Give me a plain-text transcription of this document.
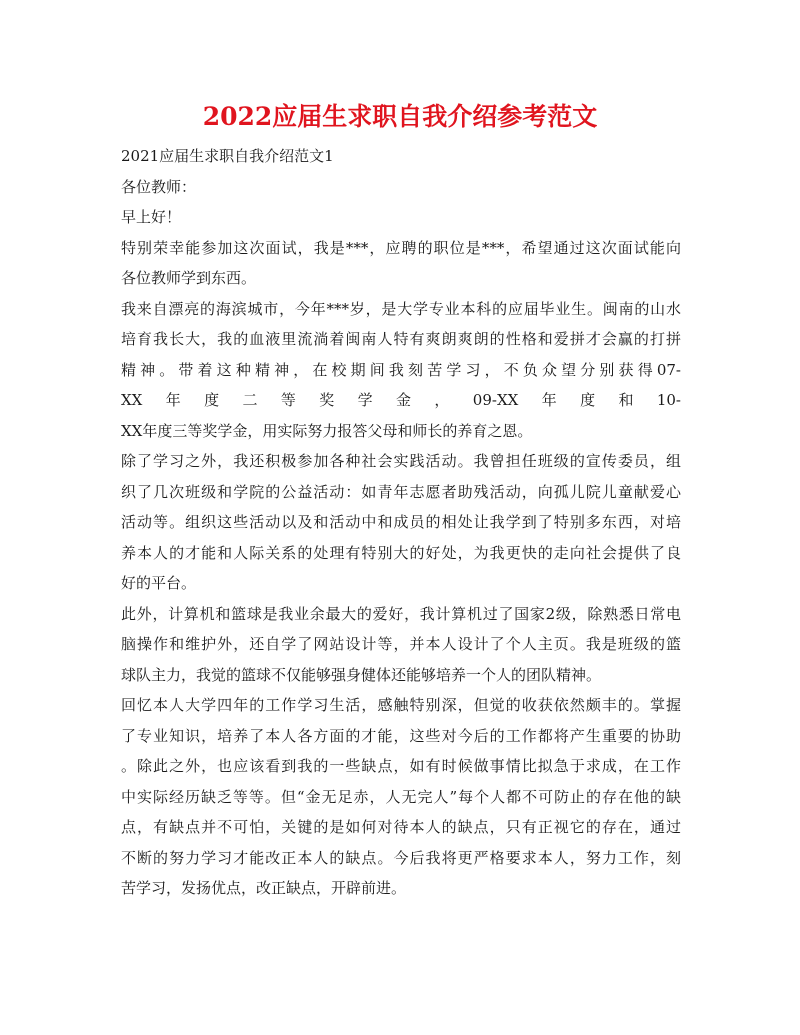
2022应届生求职自我介绍参考范文

2021应届生求职自我介绍范文1

各位教师：

早上好！

特别荣幸能参加这次面试，我是***，应聘的职位是***，希望通过这次面试能向
各位教师学到东西。

我来自漂亮的海滨城市，今年***岁，是大学专业本科的应届毕业生。闽南的山水
培育我长大，我的血液里流淌着闽南人特有爽朗爽朗的性格和爱拼才会赢的打拼
精神。带着这种精神，在校期间我刻苦学习，不负众望分别获得07-
XX年度二等奖学金，09-XX年度和10-
XX年度三等奖学金，用实际努力报答父母和师长的养育之恩。

除了学习之外，我还积极参加各种社会实践活动。我曾担任班级的宣传委员，组
织了几次班级和学院的公益活动：如青年志愿者助残活动，向孤儿院儿童献爱心
活动等。组织这些活动以及和活动中和成员的相处让我学到了特别多东西，对培
养本人的才能和人际关系的处理有特别大的好处，为我更快的走向社会提供了良
好的平台。

此外，计算机和篮球是我业余最大的爱好，我计算机过了国家2级，除熟悉日常电
脑操作和维护外，还自学了网站设计等，并本人设计了个人主页。我是班级的篮
球队主力，我觉的篮球不仅能够强身健体还能够培养一个人的团队精神。

回忆本人大学四年的工作学习生活，感触特别深，但觉的收获依然颇丰的。掌握
了专业知识，培养了本人各方面的才能，这些对今后的工作都将产生重要的协助
。除此之外，也应该看到我的一些缺点，如有时候做事情比拟急于求成，在工作
中实际经历缺乏等等。但“金无足赤，人无完人”每个人都不可防止的存在他的缺
点，有缺点并不可怕，关键的是如何对待本人的缺点，只有正视它的存在，通过
不断的努力学习才能改正本人的缺点。今后我将更严格要求本人，努力工作，刻
苦学习，发扬优点，改正缺点，开辟前进。
